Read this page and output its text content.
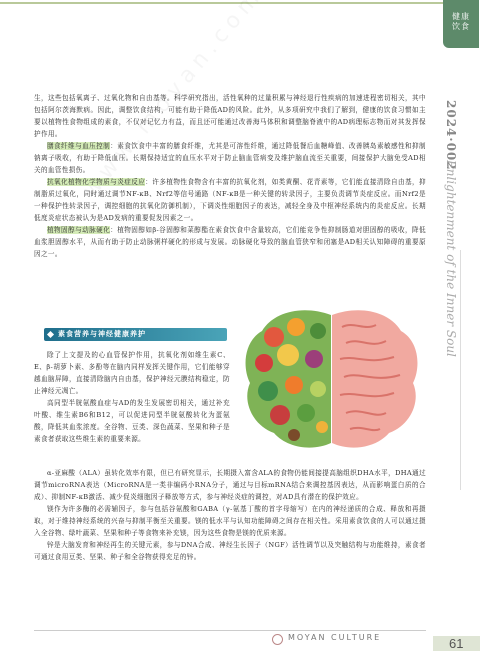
健康
饮食
2024·002
Enlightenment of the Inner Soul

生，这些包括氧离子、过氧化物和自由基等。科学研究指出，活性氧种的过量积累与神经退行性疾病的加速进程密切相关，其中包括阿尔茨海默病。因此，调整饮食结构，可能有助于降低AD的风险。此外，从多项研究中我们了解到，健康的饮食习惯如主要以植物性食物组成的素食，不仅对记忆力有益，而且还可能通过改善海马体积和调整脑脊液中的AD病理标志物而对其发挥保护作用。

膳食纤维与血压控制：素食饮食中丰富的膳食纤维，尤其是可溶性纤维，通过降低餐后血糖峰值、改善胰岛素敏感性和抑制钠离子吸收，有助于降低血压。长期保持适宜的血压水平对于防止脑血管病变及维护脑血流至关重要，间接保护大脑免受AD相关的血管性损伤。

抗氧化植物化学物质与炎症反应：许多植物性食物含有丰富的抗氧化剂，如类黄酮、花青素等，它们能直接清除自由基，抑制脂质过氧化，同时通过调节NF-κB、Nrf2等信号通路（NF-κB是一种关键的转录因子，主要负责调节炎症反应。而Nrf2是一种保护性转录因子，调控细胞的抗氧化防御机制），下调炎性细胞因子的表达，减轻全身及中枢神经系统内的炎症反应。长期低度炎症状态被认为是AD发病的重要促发因素之一。

植物固醇与动脉硬化：植物固醇如β-谷固醇和菜醇酯在素食饮食中含量较高，它们能竞争性抑制肠道对胆固醇的吸收，降低血浆胆固醇水平，从而有助于防止动脉粥样硬化的形成与发展。动脉硬化导致的脑血管狭窄和闭塞是AD相关认知障碍的重要原因之一。

素食营养与神经健康养护

除了上文提及的心血管保护作用，抗氧化剂如维生素C、E、β-胡萝卜素、多酚等在脑内同样发挥关键作用，它们能够穿越血脑屏障，直接清除脑内自由基，保护神经元膜结构稳定，防止神经元凋亡。

高同型半胱氨酸血症与AD的发生发展密切相关，通过补充叶酸、维生素B6和B12，可以促进同型半胱氨酸转化为蛋氨酸，降低其血浆浓度。全谷物、豆类、深色蔬菜、坚果和种子是素食者获取这些维生素的重要来源。

α-亚麻酸（ALA）虽转化效率有限，但已有研究显示，长期摄入富含ALA的食物仍能间接提高脑组织DHA水平，DHA通过调节microRNA表达（MicroRNA是一类非编码小RNA分子，通过与目标mRNA结合来调控基因表达，从而影响蛋白质的合成）、抑制NF-κB激活、减少促炎细胞因子释放等方式，参与神经炎症的调控，对AD具有潜在的保护效应。

镁作为许多酶的必需辅因子，参与包括谷氨酸和GABA（γ-氨基丁酸的首字母缩写）在内的神经递质的合成、释放和再摄取，对于维持神经系统的兴奋与抑制平衡至关重要。镁的低水平与认知功能障碍之间存在相关性。采用素食饮食的人可以通过摄入全谷物、绿叶蔬菜、坚果和种子等食物来补充镁，因为这些食物是镁的优质来源。

锌是大脑发育和神经再生的关键元素，参与DNA合成、神经生长因子（NGF）活性调节以及突触结构与功能维持，素食者可通过食用豆类、坚果、种子和全谷物获得充足的锌。

MOYAN CULTURE	61
